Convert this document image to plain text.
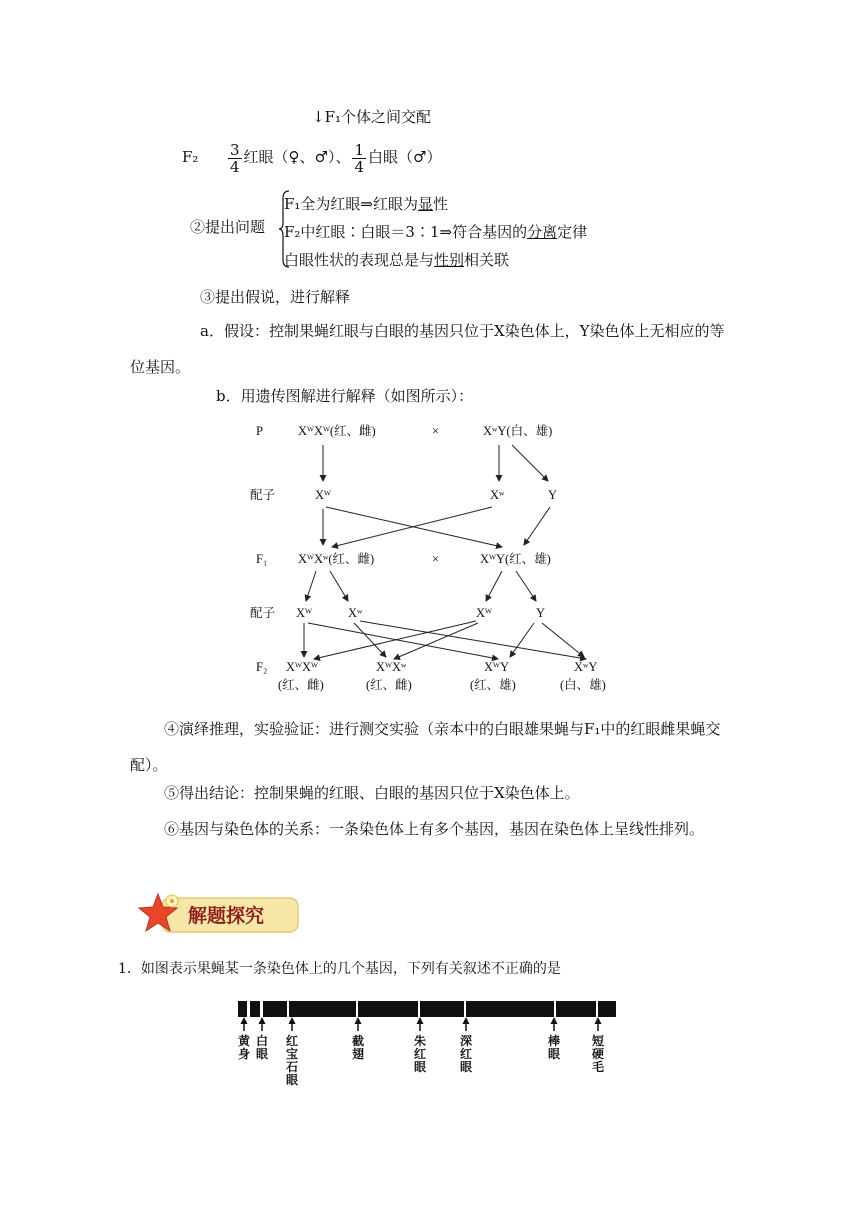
↓F₁个体之间交配
$F_2 \frac{3}{4}$ 红眼（♀、♂）、 $\frac{1}{4}$ 白眼（♂）
②提出问题
F₁全为红眼⇒红眼为显性
F₂中红眼∶白眼＝3∶1⇒符合基因的分离定律
白眼性状的表现总是与性别相关联
③提出假说，进行解释
a．假设：控制果蝇红眼与白眼的基因只位于X染色体上，Y染色体上无相应的等位基因。
b．用遗传图解进行解释（如图所示）：
P
配子
F₁
配子
F₂
XᵂXᵂ(红、雌)	×	XʷY(白、雄)
Xᵂ	Xʷ	Y
XᵂXʷ(红、雌)	×	XᵂY(红、雄)
Xᵂ	Xʷ	Xᵂ	Y
XᵂXᵂ
(红、雌)
XᵂXʷ
(红、雌)
XᵂY
(红、雄)
XʷY
(白、雄)
④演绎推理，实验验证：进行测交实验（亲本中的白眼雄果蝇与F₁中的红眼雌果蝇交配）。
⑤得出结论：控制果蝇的红眼、白眼的基因只位于X染色体上。
⑥基因与染色体的关系：一条染色体上有多个基因，基因在染色体上呈线性排列。
解题探究
1．如图表示果蝇某一条染色体上的几个基因，下列有关叙述不正确的是
黄身
白眼
红宝石眼
截翅
朱红眼
深红眼
棒眼
短硬毛
